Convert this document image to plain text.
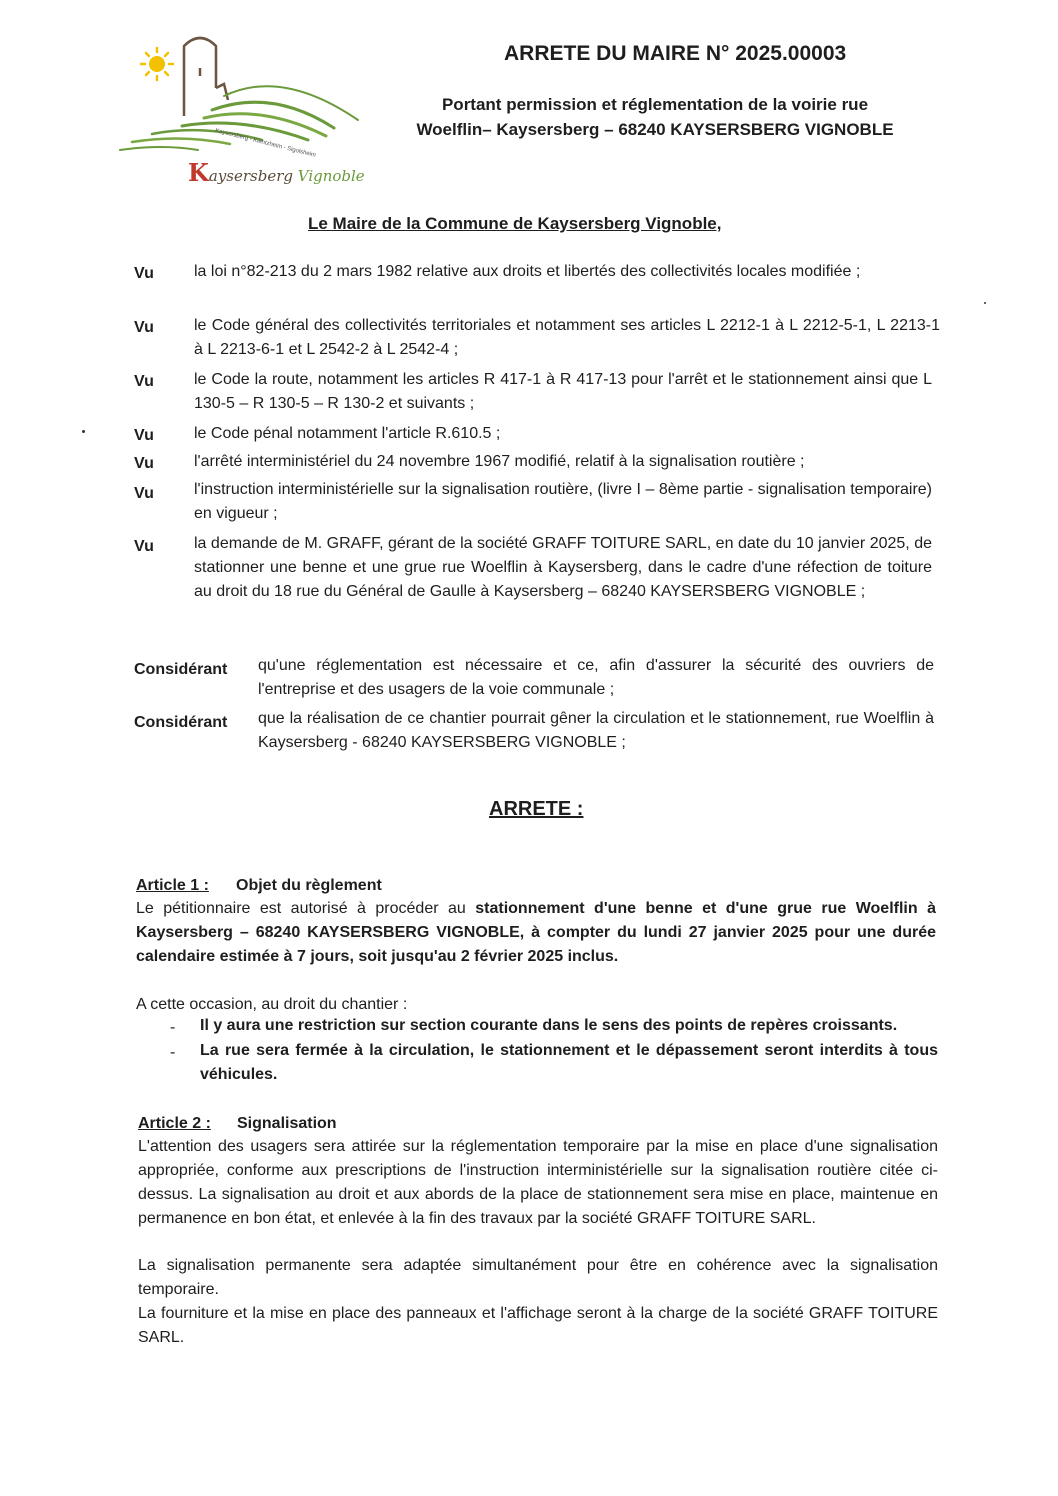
Kaysersberg - Kientzheim - Sigolsheim
Kaysersberg Vignoble
ARRETE DU MAIRE N° 2025.00003
Portant permission et réglementation de la voirie rue
Woelflin– Kaysersberg – 68240 KAYSERSBERG VIGNOBLE
Le Maire de la Commune de Kaysersberg Vignoble,
Vu	la loi n°82-213 du 2 mars 1982 relative aux droits et libertés des collectivités locales modifiée ;
Vu	le Code général des collectivités territoriales et notamment ses articles L 2212-1 à L 2212-5-1, L 2213-1 à L 2213-6-1 et L 2542-2 à L 2542-4 ;
Vu	le Code la route, notamment les articles R 417-1 à R 417-13 pour l'arrêt et le stationnement ainsi que L 130-5 – R 130-5 – R 130-2 et suivants ;
Vu	le Code pénal notamment l'article R.610.5 ;
Vu	l'arrêté interministériel du 24 novembre 1967 modifié, relatif à la signalisation routière ;
Vu	l'instruction interministérielle sur la signalisation routière, (livre I – 8ème partie - signalisation temporaire) en vigueur ;
Vu	la demande de M. GRAFF, gérant de la société GRAFF TOITURE SARL, en date du 10 janvier 2025, de stationner une benne et une grue rue Woelflin à Kaysersberg, dans le cadre d'une réfection de toiture au droit du 18 rue du Général de Gaulle à Kaysersberg – 68240 KAYSERSBERG VIGNOBLE ;
Considérant qu'une réglementation est nécessaire et ce, afin d'assurer la sécurité des ouvriers de l'entreprise et des usagers de la voie communale ;
Considérant que la réalisation de ce chantier pourrait gêner la circulation et le stationnement, rue Woelflin à Kaysersberg - 68240 KAYSERSBERG VIGNOBLE ;
ARRETE :
Article 1 : Objet du règlement
Le pétitionnaire est autorisé à procéder au stationnement d'une benne et d'une grue rue Woelflin à Kaysersberg – 68240 KAYSERSBERG VIGNOBLE, à compter du lundi 27 janvier 2025 pour une durée calendaire estimée à 7 jours, soit jusqu'au 2 février 2025 inclus.
A cette occasion, au droit du chantier :
- Il y aura une restriction sur section courante dans le sens des points de repères croissants.
- La rue sera fermée à la circulation, le stationnement et le dépassement seront interdits à tous véhicules.
Article 2 : Signalisation
L'attention des usagers sera attirée sur la réglementation temporaire par la mise en place d'une signalisation appropriée, conforme aux prescriptions de l'instruction interministérielle sur la signalisation routière citée ci-dessus. La signalisation au droit et aux abords de la place de stationnement sera mise en place, maintenue en permanence en bon état, et enlevée à la fin des travaux par la société GRAFF TOITURE SARL.
La signalisation permanente sera adaptée simultanément pour être en cohérence avec la signalisation temporaire.
La fourniture et la mise en place des panneaux et l'affichage seront à la charge de la société GRAFF TOITURE SARL.
